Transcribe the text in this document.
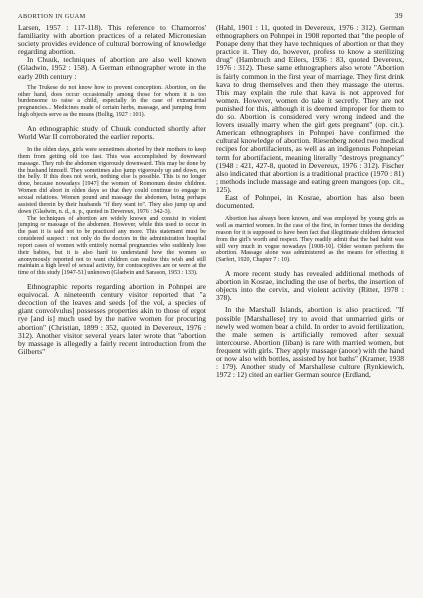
ABORTION IN GUAM	39

Larsen, 1957 : 117-118). This reference to Chamorros' familiarity with abortion practices of a related Micronesian society provides evidence of cultural borrowing of knowledge regarding abortion.

In Chuuk, techniques of abortion are also well known (Gladwin, 1952 : 158). A German ethnographer wrote in the early 20th century :

The Trukese do not know how to prevent conception. Abortion, on the other hand, does occur occasionally among those for whom it is too burdensome to raise a child, especially in the case of extramarital pregnancies... Medicines made of certain herbs, massage, and jumping from high objects serve as the means (Bollig, 1927 : 101).

An ethnographic study of Chuuk conducted shortly after World War II corroborated the earlier reports.

In the olden days, girls were sometimes aborted by their mothers to keep them from getting old too fast. This was accomplished by downward massage. They rub the abdomen vigorously downward. This may be done by the husband himself. They sometimes also jump vigorously up and down, on the belly. If this does not work, nothing else is possible. This is no longer done, because nowadays [1947] the women of Romonum desire children. Women did abort in olden days so that they could continue to engage in sexual relations. Women pound and massage the abdomen, being perhaps assisted therein by their husbands "if they want to". They also jump up and down (Gladwin, n. d., n. p., quoted in Devereux, 1976 : 342-3).

The techniques of abortion are widely known and consist in violent jumping or massage of the abdomen. However, while this used to occur in the past it is said not to be practiced any more. This statement must be considered suspect : not only do the doctors in the administration hospital report cases of women with entirely normal pregnancies who suddenly lose their babies, but it is also hard to understand how the women so anonymously reported not to want children can realize this wish and still maintain a high level of sexual activity, for contraceptives are or were at the time of this study [1947-51] unknown (Gladwin and Sarason, 1953 : 133).

Ethnographic reports regarding abortion in Pohnpei are equivocal. A nineteenth century visitor reported that "a decoction of the leaves and seeds [of the vol, a species of giant convolvulus] possesses properties akin to those of ergot rye [and is] much used by the native women for procuring abortion" (Christian, 1899 : 352, quoted in Devereux, 1976 : 312). Another visitor several years later wrote that "abortion by massage is allegedly a fairly recent introduction from the Gilberts"

(Hahl, 1901 : 11, quoted in Devereux, 1976 : 312). German ethnographers on Pohnpei in 1908 reported that "the people of Ponape deny that they have techniques of abortion or that they practice it. They do, however, profess to know a sterilizing drug" (Hambruch and Eilers, 1936 : 83, quoted Devereux, 1976 : 312). These same ethnographers also wrote "Abortion is fairly common in the first year of marriage. They first drink kava to drug themselves and then they massage the uterus. This may explain the rule that kava is not approved for women. However, women do take it secretly. They are not punished for this, although it is deemed improper for them to do so. Abortion is considered very wrong indeed and the lovers usually marry when the girl gets pregnant" (op. cit.). American ethnographers in Pohnpei have confirmed the cultural knowledge of abortion. Riesenberg noted two medical recipes for abortifacients, as well as an indigenous Pohnpeian term for abortifacient, meaning literally "destroys pregnancy" (1948 : 421, 427-8, quoted in Devereux, 1976 : 312). Fischer also indicated that abortion is a traditional practice (1970 : 81) ; methods include massage and eating green mangoes (op. cit., 125).

East of Pohnpei, in Kosrae, abortion has also been documented.

Abortion has always been known, and was employed by young girls as well as married women. In the case of the first, in former times the deciding reason for it is supposed to have been fact that illegitimate children detracted from the girl's worth and respect. They readily admit that the bad habit was still very much in vogue nowadays [1908-10]. Older women perform the abortion. Massage alone was administered as the means for effecting it (Sarfert, 1920, Chapter 7 : 10).

A more recent study has revealed additional methods of abortion in Kosrae, including the use of herbs, the insertion of objects into the cervix, and violent activity (Ritter, 1978 : 378).

In the Marshall Islands, abortion is also practiced. "If possible [Marshallese] try to avoid that unmarried girls or newly wed women bear a child. In order to avoid fertilization, the male semen is artificially removed after sexual intercourse. Abortion (liban) is rare with married women, but frequent with girls. They apply massage (anoor) with the hand or now also with bottles, assisted by hot baths" (Kramer, 1938 : 179). Another study of Marshallese culture (Rynkiewich, 1972 : 12) cited an earlier German source (Erdland,
